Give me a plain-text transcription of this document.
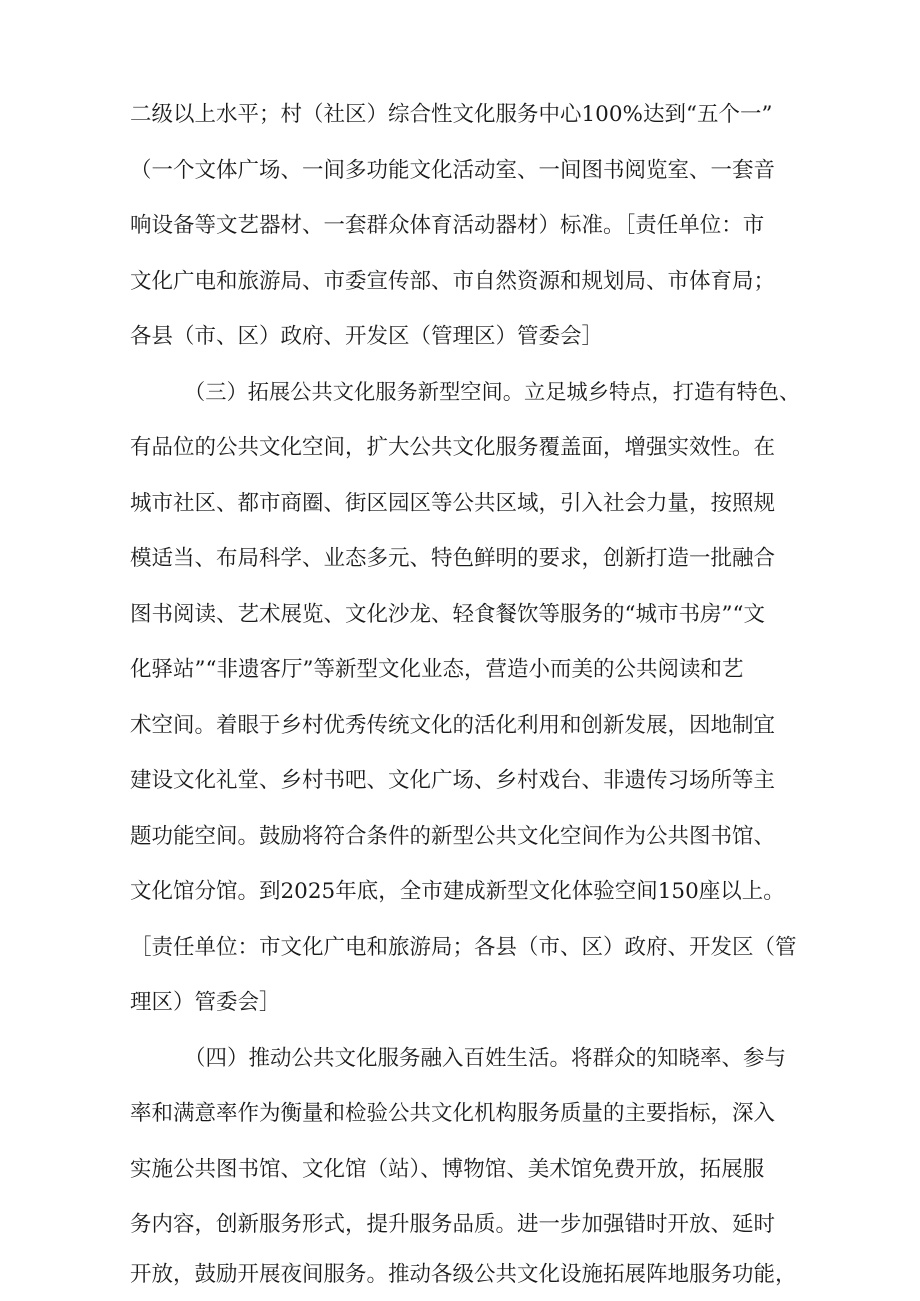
二级以上水平；村（社区）综合性文化服务中心100%达到“五个一”
（一个文体广场、一间多功能文化活动室、一间图书阅览室、一套音
响设备等文艺器材、一套群众体育活动器材）标准。［责任单位：市
文化广电和旅游局、市委宣传部、市自然资源和规划局、市体育局；
各县（市、区）政府、开发区（管理区）管委会］
（三）拓展公共文化服务新型空间。立足城乡特点，打造有特色、
有品位的公共文化空间，扩大公共文化服务覆盖面，增强实效性。在
城市社区、都市商圈、街区园区等公共区域，引入社会力量，按照规
模适当、布局科学、业态多元、特色鲜明的要求，创新打造一批融合
图书阅读、艺术展览、文化沙龙、轻食餐饮等服务的“城市书房”“文
化驿站”“非遗客厅”等新型文化业态，营造小而美的公共阅读和艺
术空间。着眼于乡村优秀传统文化的活化利用和创新发展，因地制宜
建设文化礼堂、乡村书吧、文化广场、乡村戏台、非遗传习场所等主
题功能空间。鼓励将符合条件的新型公共文化空间作为公共图书馆、
文化馆分馆。到2025年底，全市建成新型文化体验空间150座以上。
［责任单位：市文化广电和旅游局；各县（市、区）政府、开发区（管
理区）管委会］
（四）推动公共文化服务融入百姓生活。将群众的知晓率、参与
率和满意率作为衡量和检验公共文化机构服务质量的主要指标，深入
实施公共图书馆、文化馆（站）、博物馆、美术馆免费开放，拓展服
务内容，创新服务形式，提升服务品质。进一步加强错时开放、延时
开放，鼓励开展夜间服务。推动各级公共文化设施拓展阵地服务功能，
